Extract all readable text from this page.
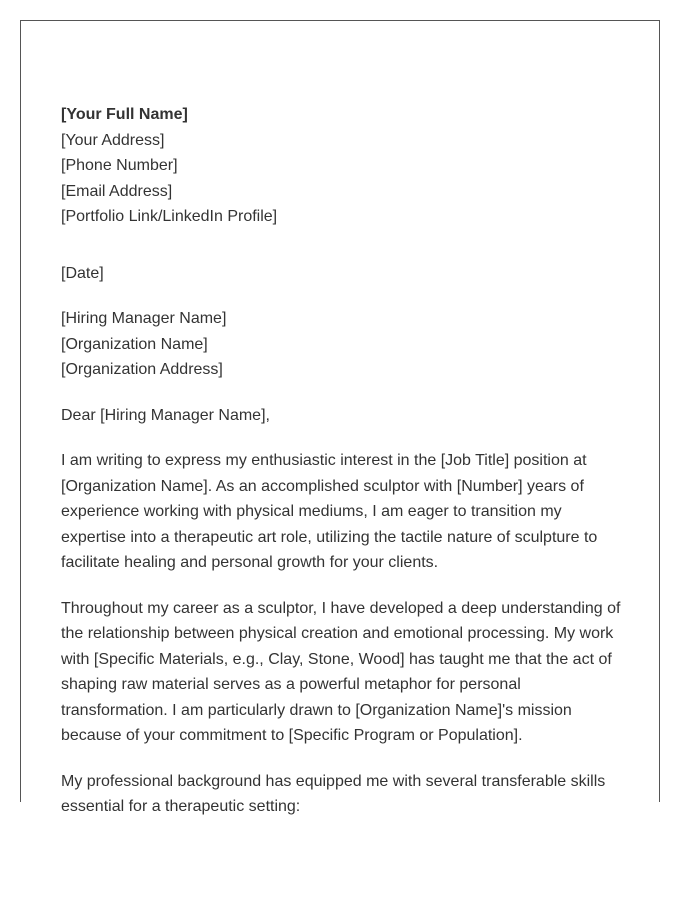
[Your Full Name]
[Your Address]
[Phone Number]
[Email Address]
[Portfolio Link/LinkedIn Profile]
[Date]
[Hiring Manager Name]
[Organization Name]
[Organization Address]
Dear [Hiring Manager Name],

I am writing to express my enthusiastic interest in the [Job Title] position at [Organization Name]. As an accomplished sculptor with [Number] years of experience working with physical mediums, I am eager to transition my expertise into a therapeutic art role, utilizing the tactile nature of sculpture to facilitate healing and personal growth for your clients.

Throughout my career as a sculptor, I have developed a deep understanding of the relationship between physical creation and emotional processing. My work with [Specific Materials, e.g., Clay, Stone, Wood] has taught me that the act of shaping raw material serves as a powerful metaphor for personal transformation. I am particularly drawn to [Organization Name]'s mission because of your commitment to [Specific Program or Population].

My professional background has equipped me with several transferable skills essential for a therapeutic setting:
